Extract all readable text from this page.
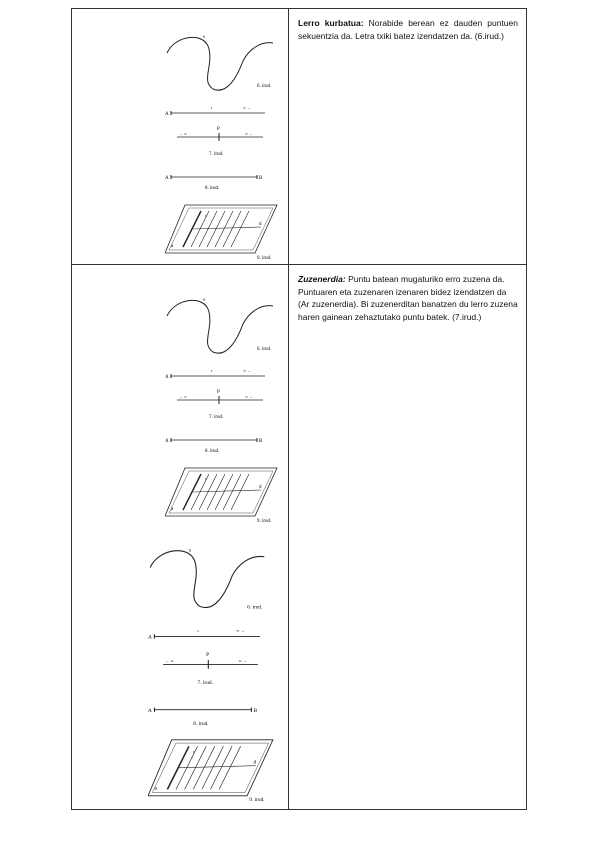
s
6. irud.
A
r	∞ →
P
← ∞	∞ →
7. irud.
A	B
8. irud.
r
d
a
9. irud.
Lerro kurbatua: Norabide berean ez dauden puntuen sekuentzia da. Letra txiki batez izendatzen da. (6.irud.)
s
6. irud.
A
r	∞ →
P
← ∞	∞ →
7. irud.
A	B
8. irud.
r
d
a
9. irud.
s
6. irud.
A
r	∞ →
P
← ∞	∞ →
7. irud.
A	B
8. irud.
r
d
a
9. irud.
Zuzenerdia: Puntu batean mugaturiko erro zuzena da. Puntuaren eta zuzenaren izenaren bidez izendatzen da (Ar zuzenerdia). Bi zuzenerditan banatzen du lerro zuzena haren gainean zehaztutako puntu batek. (7.irud.)
